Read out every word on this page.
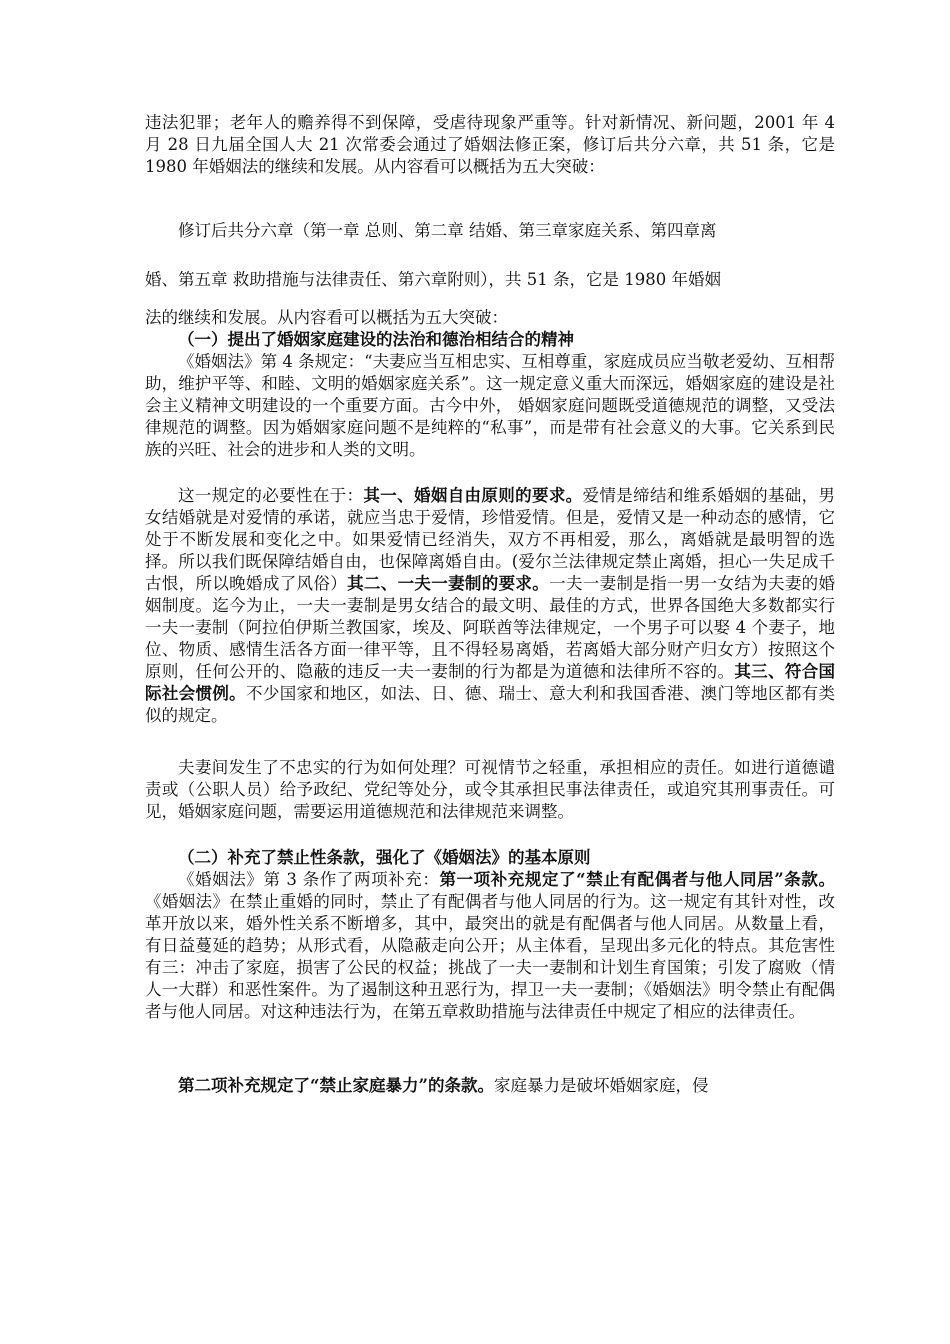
违法犯罪；老年人的赡养得不到保障，受虐待现象严重等。针对新情况、新问题，2001 年 4 月 28 日九届全国人大 21 次常委会通过了婚姻法修正案，修订后共分六章，共 51 条，它是 1980 年婚姻法的继续和发展。从内容看可以概括为五大突破：

修订后共分六章（第一章 总则、第二章 结婚、第三章家庭关系、第四章离

婚、第五章 救助措施与法律责任、第六章附则），共 51 条，它是 1980 年婚姻

法的继续和发展。从内容看可以概括为五大突破：

（一）提出了婚姻家庭建设的法治和德治相结合的精神

《婚姻法》第 4 条规定：“夫妻应当互相忠实、互相尊重，家庭成员应当敬老爱幼、互相帮助，维护平等、和睦、文明的婚姻家庭关系”。这一规定意义重大而深远，婚姻家庭的建设是社会主义精神文明建设的一个重要方面。古今中外， 婚姻家庭问题既受道德规范的调整，又受法律规范的调整。因为婚姻家庭问题不是纯粹的“私事”，而是带有社会意义的大事。它关系到民族的兴旺、社会的进步和人类的文明。

这一规定的必要性在于：其一、婚姻自由原则的要求。爱情是缔结和维系婚姻的基础，男女结婚就是对爱情的承诺，就应当忠于爱情，珍惜爱情。但是，爱情又是一种动态的感情，它处于不断发展和变化之中。如果爱情已经消失，双方不再相爱，那么，离婚就是最明智的选择。所以我们既保障结婚自由，也保障离婚自由。(爱尔兰法律规定禁止离婚，担心一失足成千古恨，所以晚婚成了风俗）其二、一夫一妻制的要求。一夫一妻制是指一男一女结为夫妻的婚姻制度。迄今为止，一夫一妻制是男女结合的最文明、最佳的方式，世界各国绝大多数都实行一夫一妻制（阿拉伯伊斯兰教国家，埃及、阿联酋等法律规定，一个男子可以娶 4 个妻子，地位、物质、感情生活各方面一律平等，且不得轻易离婚，若离婚大部分财产归女方）按照这个原则，任何公开的、隐蔽的违反一夫一妻制的行为都是为道德和法律所不容的。其三、符合国际社会惯例。不少国家和地区，如法、日、德、瑞士、意大利和我国香港、澳门等地区都有类似的规定。

夫妻间发生了不忠实的行为如何处理？可视情节之轻重，承担相应的责任。如进行道德谴责或（公职人员）给予政纪、党纪等处分，或令其承担民事法律责任，或追究其刑事责任。可见，婚姻家庭问题，需要运用道德规范和法律规范来调整。

（二）补充了禁止性条款，强化了《婚姻法》的基本原则

《婚姻法》第 3 条作了两项补充：第一项补充规定了“禁止有配偶者与他人同居”条款。《婚姻法》在禁止重婚的同时，禁止了有配偶者与他人同居的行为。这一规定有其针对性，改革开放以来，婚外性关系不断增多，其中，最突出的就是有配偶者与他人同居。从数量上看，有日益蔓延的趋势；从形式看，从隐蔽走向公开；从主体看，呈现出多元化的特点。其危害性有三：冲击了家庭，损害了公民的权益；挑战了一夫一妻制和计划生育国策；引发了腐败（情人一大群）和恶性案件。为了遏制这种丑恶行为，捍卫一夫一妻制；《婚姻法》明令禁止有配偶者与他人同居。对这种违法行为，在第五章救助措施与法律责任中规定了相应的法律责任。

第二项补充规定了“禁止家庭暴力”的条款。家庭暴力是破坏婚姻家庭，侵
